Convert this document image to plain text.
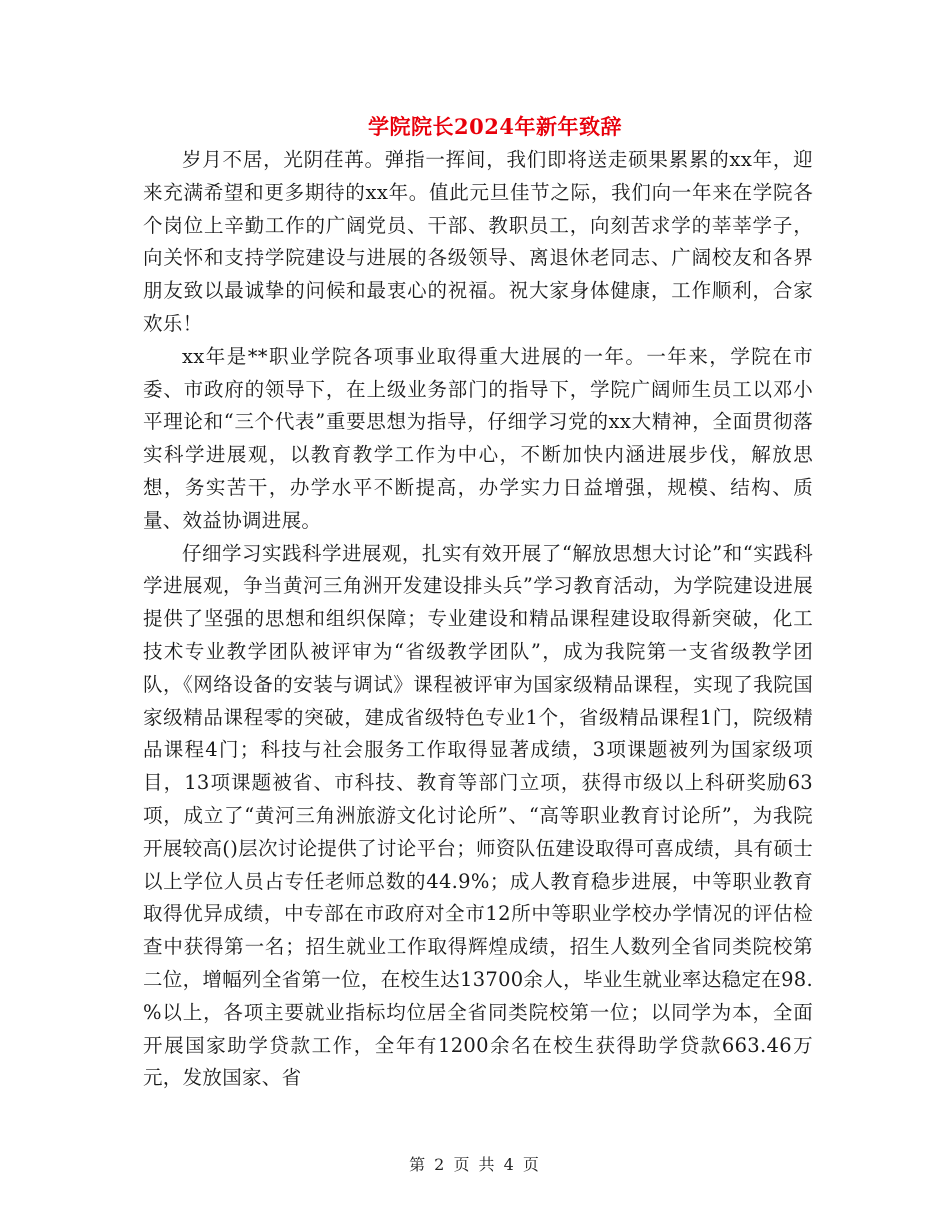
学院院长2024年新年致辞

岁月不居，光阴荏苒。弹指一挥间，我们即将送走硕果累累的xx年，迎来充满希望和更多期待的xx年。值此元旦佳节之际，我们向一年来在学院各个岗位上辛勤工作的广阔党员、干部、教职员工，向刻苦求学的莘莘学子，向关怀和支持学院建设与进展的各级领导、离退休老同志、广阔校友和各界朋友致以最诚挚的问候和最衷心的祝福。祝大家身体健康，工作顺利，合家欢乐！

xx年是**职业学院各项事业取得重大进展的一年。一年来，学院在市委、市政府的领导下，在上级业务部门的指导下，学院广阔师生员工以邓小平理论和“三个代表”重要思想为指导，仔细学习党的xx大精神，全面贯彻落实科学进展观，以教育教学工作为中心，不断加快内涵进展步伐，解放思想，务实苦干，办学水平不断提高，办学实力日益增强，规模、结构、质量、效益协调进展。

仔细学习实践科学进展观，扎实有效开展了“解放思想大讨论”和“实践科学进展观，争当黄河三角洲开发建设排头兵”学习教育活动，为学院建设进展提供了坚强的思想和组织保障；专业建设和精品课程建设取得新突破，化工技术专业教学团队被评审为“省级教学团队”，成为我院第一支省级教学团队，《网络设备的安装与调试》课程被评审为国家级精品课程，实现了我院国家级精品课程零的突破，建成省级特色专业1个，省级精品课程1门，院级精品课程4门；科技与社会服务工作取得显著成绩，3项课题被列为国家级项目，13项课题被省、市科技、教育等部门立项，获得市级以上科研奖励63项，成立了“黄河三角洲旅游文化讨论所”、“高等职业教育讨论所”，为我院开展较高()层次讨论提供了讨论平台；师资队伍建设取得可喜成绩，具有硕士以上学位人员占专任老师总数的44.9%；成人教育稳步进展，中等职业教育取得优异成绩，中专部在市政府对全市12所中等职业学校办学情况的评估检查中获得第一名；招生就业工作取得辉煌成绩，招生人数列全省同类院校第二位，增幅列全省第一位，在校生达13700余人，毕业生就业率达稳定在98. %以上，各项主要就业指标均位居全省同类院校第一位；以同学为本，全面开展国家助学贷款工作，全年有1200余名在校生获得助学贷款663.46万元，发放国家、省

第 2 页 共 4 页
